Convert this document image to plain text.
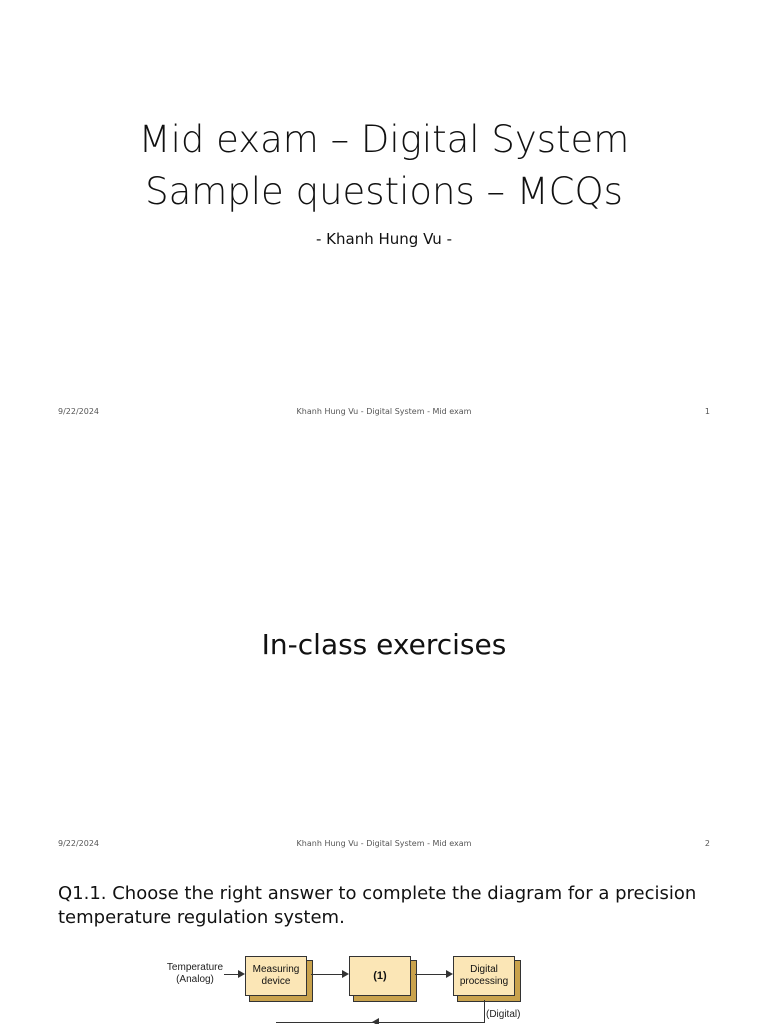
Mid exam – Digital System
Sample questions – MCQs
- Khanh Hung Vu -
9/22/2024	Khanh Hung Vu - Digital System - Mid exam	1
In-class exercises
9/22/2024	Khanh Hung Vu - Digital System - Mid exam	2
Q1.1. Choose the right answer to complete the diagram for a precision temperature regulation system.
Temperature
(Analog)
Measuring
device	(1)
Digital
processing
(Digital)
